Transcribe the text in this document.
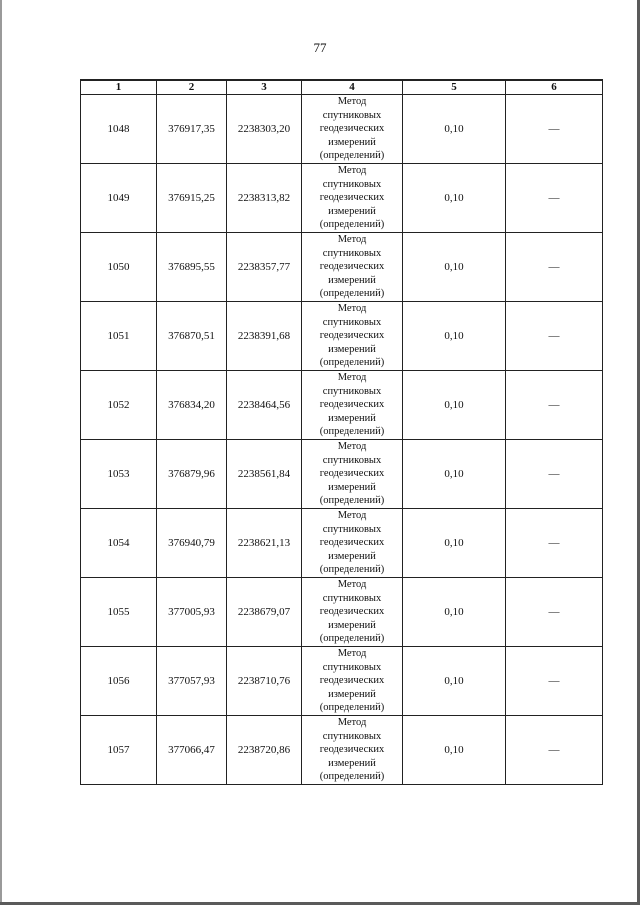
77
1	2	3	4	5	6
1048	376917,35	2238303,20	Метод
спутниковых
геодезических
измерений
(определений)	0,10	—
1049	376915,25	2238313,82	Метод
спутниковых
геодезических
измерений
(определений)	0,10	—
1050	376895,55	2238357,77	Метод
спутниковых
геодезических
измерений
(определений)	0,10	—
1051	376870,51	2238391,68	Метод
спутниковых
геодезических
измерений
(определений)	0,10	—
1052	376834,20	2238464,56	Метод
спутниковых
геодезических
измерений
(определений)	0,10	—
1053	376879,96	2238561,84	Метод
спутниковых
геодезических
измерений
(определений)	0,10	—
1054	376940,79	2238621,13	Метод
спутниковых
геодезических
измерений
(определений)	0,10	—
1055	377005,93	2238679,07	Метод
спутниковых
геодезических
измерений
(определений)	0,10	—
1056	377057,93	2238710,76	Метод
спутниковых
геодезических
измерений
(определений)	0,10	—
1057	377066,47	2238720,86	Метод
спутниковых
геодезических
измерений
(определений)	0,10	—
